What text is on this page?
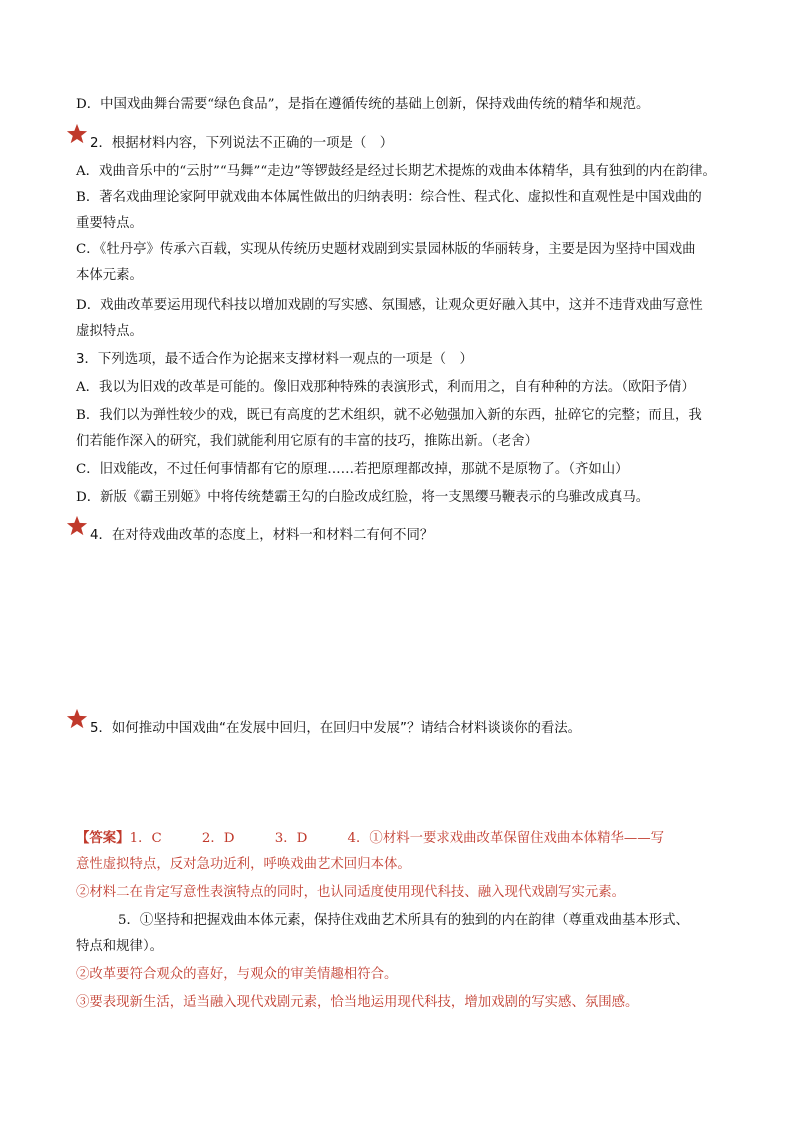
D．中国戏曲舞台需要“绿色食品”，是指在遵循传统的基础上创新，保持戏曲传统的精华和规范。
2．根据材料内容，下列说法不正确的一项是（　）
A．戏曲音乐中的“云肘”“马舞”“走边”等锣鼓经是经过长期艺术提炼的戏曲本体精华，具有独到的内在韵律。
B．著名戏曲理论家阿甲就戏曲本体属性做出的归纳表明：综合性、程式化、虚拟性和直观性是中国戏曲的
重要特点。
C．《牡丹亭》传承六百载，实现从传统历史题材戏剧到实景园林版的华丽转身，主要是因为坚持中国戏曲
本体元素。
D．戏曲改革要运用现代科技以增加戏剧的写实感、氛围感，让观众更好融入其中，这并不违背戏曲写意性
虚拟特点。
3．下列选项，最不适合作为论据来支撑材料一观点的一项是（　）
A．我以为旧戏的改革是可能的。像旧戏那种特殊的表演形式，利而用之，自有种种的方法。（欧阳予倩）
B．我们以为弹性较少的戏，既已有高度的艺术组织，就不必勉强加入新的东西，扯碎它的完整；而且，我
们若能作深入的研究，我们就能利用它原有的丰富的技巧，推陈出新。（老舍）
C．旧戏能改，不过任何事情都有它的原理……若把原理都改掉，那就不是原物了。（齐如山）
D．新版《霸王别姬》中将传统楚霸王勾的白脸改成红脸，将一支黑缨马鞭表示的乌骓改成真马。
4．在对待戏曲改革的态度上，材料一和材料二有何不同？
5．如何推动中国戏曲“在发展中回归，在回归中发展”？请结合材料谈谈你的看法。
【答案】1．C　　　2．D　　　3．D　　　4．①材料一要求戏曲改革保留住戏曲本体精华——写
意性虚拟特点，反对急功近利，呼唤戏曲艺术回归本体。
②材料二在肯定写意性表演特点的同时，也认同适度使用现代科技、融入现代戏剧写实元素。
5．①坚持和把握戏曲本体元素，保持住戏曲艺术所具有的独到的内在韵律（尊重戏曲基本形式、
特点和规律）。
②改革要符合观众的喜好，与观众的审美情趣相符合。
③要表现新生活，适当融入现代戏剧元素，恰当地运用现代科技，增加戏剧的写实感、氛围感。
